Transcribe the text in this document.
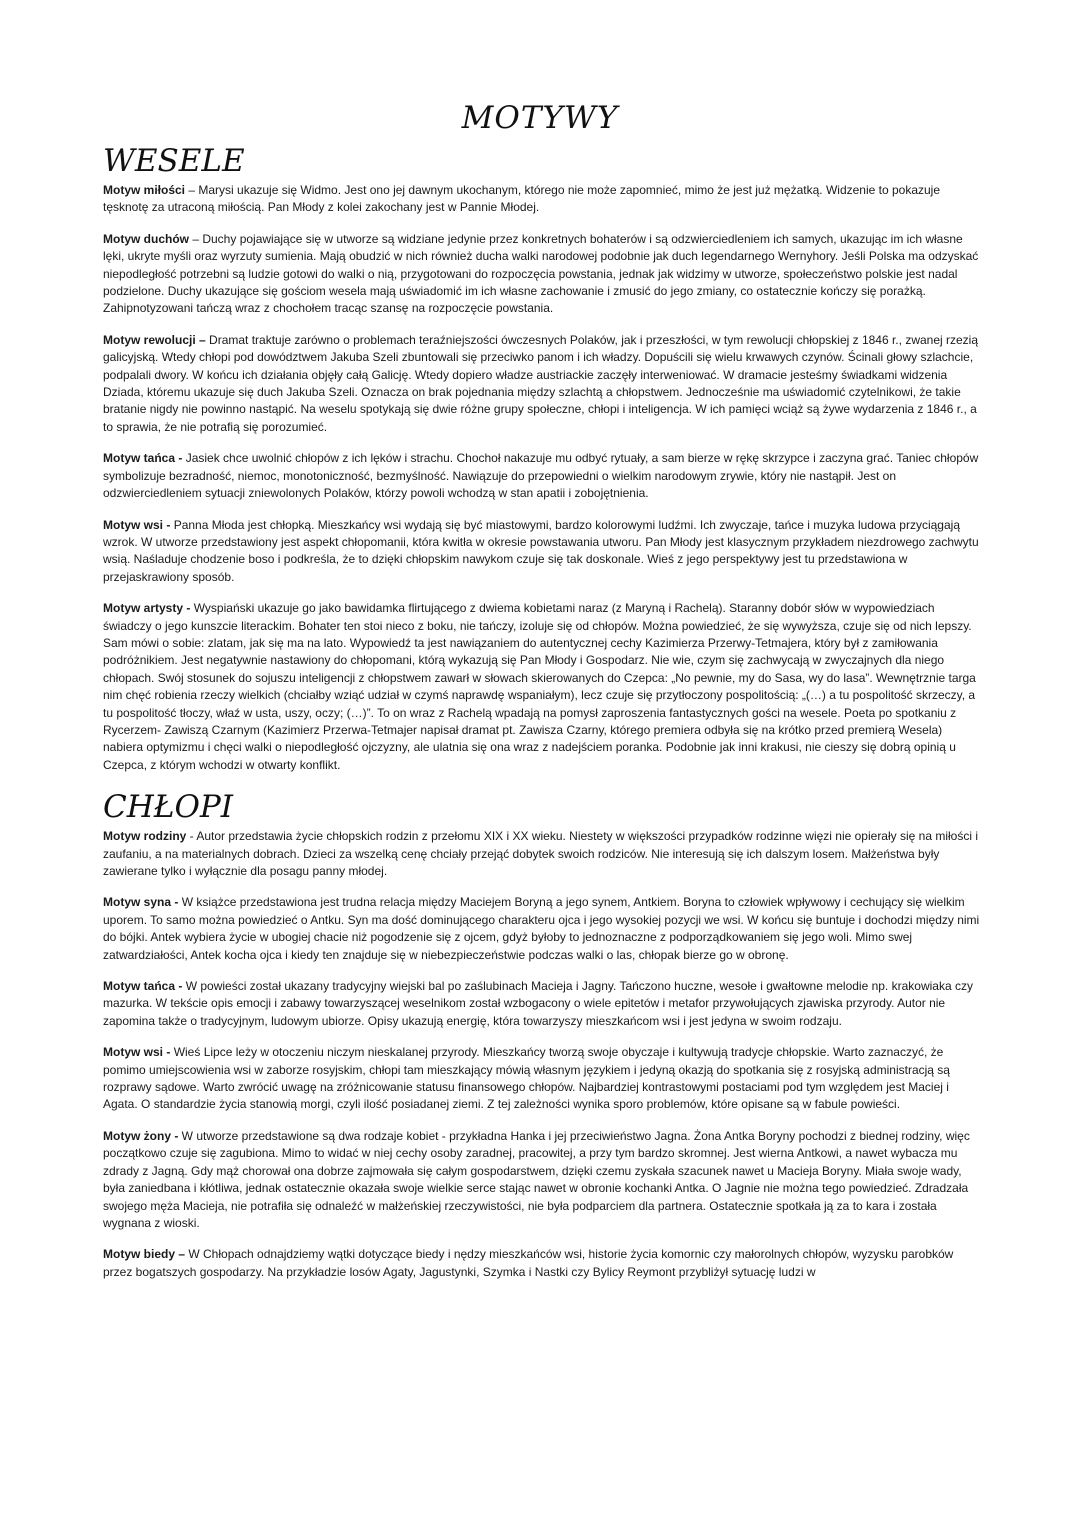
MOTYWY
WESELE

Motyw miłości – Marysi ukazuje się Widmo. Jest ono jej dawnym ukochanym, którego nie może zapomnieć, mimo że jest już mężatką. Widzenie to pokazuje tęsknotę za utraconą miłością. Pan Młody z kolei zakochany jest w Pannie Młodej.

Motyw duchów – Duchy pojawiające się w utworze są widziane jedynie przez konkretnych bohaterów i są odzwierciedleniem ich samych, ukazując im ich własne lęki, ukryte myśli oraz wyrzuty sumienia. Mają obudzić w nich również ducha walki narodowej podobnie jak duch legendarnego Wernyhory. Jeśli Polska ma odzyskać niepodległość potrzebni są ludzie gotowi do walki o nią, przygotowani do rozpoczęcia powstania, jednak jak widzimy w utworze, społeczeństwo polskie jest nadal podzielone. Duchy ukazujące się gościom wesela mają uświadomić im ich własne zachowanie i zmusić do jego zmiany, co ostatecznie kończy się porażką. Zahipnotyzowani tańczą wraz z chochołem tracąc szansę na rozpoczęcie powstania.

Motyw rewolucji – Dramat traktuje zarówno o problemach teraźniejszości ówczesnych Polaków, jak i przeszłości, w tym rewolucji chłopskiej z 1846 r., zwanej rzezią galicyjską. Wtedy chłopi pod dowództwem Jakuba Szeli zbuntowali się przeciwko panom i ich władzy. Dopuścili się wielu krwawych czynów. Ścinali głowy szlachcie, podpalali dwory. W końcu ich działania objęły całą Galicję. Wtedy dopiero władze austriackie zaczęły interweniować. W dramacie jesteśmy świadkami widzenia Dziada, któremu ukazuje się duch Jakuba Szeli. Oznacza on brak pojednania między szlachtą a chłopstwem. Jednocześnie ma uświadomić czytelnikowi, że takie bratanie nigdy nie powinno nastąpić. Na weselu spotykają się dwie różne grupy społeczne, chłopi i inteligencja. W ich pamięci wciąż są żywe wydarzenia z 1846 r., a to sprawia, że nie potrafią się porozumieć.

Motyw tańca - Jasiek chce uwolnić chłopów z ich lęków i strachu. Chochoł nakazuje mu odbyć rytuały, a sam bierze w rękę skrzypce i zaczyna grać. Taniec chłopów symbolizuje bezradność, niemoc, monotoniczność, bezmyślność. Nawiązuje do przepowiedni o wielkim narodowym zrywie, który nie nastąpił. Jest on odzwierciedleniem sytuacji zniewolonych Polaków, którzy powoli wchodzą w stan apatii i zobojętnienia.

Motyw wsi - Panna Młoda jest chłopką. Mieszkańcy wsi wydają się być miastowymi, bardzo kolorowymi ludźmi. Ich zwyczaje, tańce i muzyka ludowa przyciągają wzrok. W utworze przedstawiony jest aspekt chłopomanii, która kwitła w okresie powstawania utworu. Pan Młody jest klasycznym przykładem niezdrowego zachwytu wsią. Naśladuje chodzenie boso i podkreśla, że to dzięki chłopskim nawykom czuje się tak doskonale. Wieś z jego perspektywy jest tu przedstawiona w przejaskrawiony sposób.

Motyw artysty - Wyspiański ukazuje go jako bawidamka flirtującego z dwiema kobietami naraz (z Maryną i Rachelą). Staranny dobór słów w wypowiedziach świadczy o jego kunszcie literackim. Bohater ten stoi nieco z boku, nie tańczy, izoluje się od chłopów. Można powiedzieć, że się wywyższa, czuje się od nich lepszy. Sam mówi o sobie: zlatam, jak się ma na lato. Wypowiedź ta jest nawiązaniem do autentycznej cechy Kazimierza Przerwy-Tetmajera, który był z zamiłowania podróżnikiem. Jest negatywnie nastawiony do chłopomani, którą wykazują się Pan Młody i Gospodarz. Nie wie, czym się zachwycają w zwyczajnych dla niego chłopach. Swój stosunek do sojuszu inteligencji z chłopstwem zawarł w słowach skierowanych do Czepca: „No pewnie, my do Sasa, wy do lasa”. Wewnętrznie targa nim chęć robienia rzeczy wielkich (chciałby wziąć udział w czymś naprawdę wspaniałym), lecz czuje się przytłoczony pospolitością: „(…) a tu pospolitość skrzeczy, a tu pospolitość tłoczy, właź w usta, uszy, oczy; (…)”. To on wraz z Rachelą wpadają na pomysł zaproszenia fantastycznych gości na wesele. Poeta po spotkaniu z Rycerzem- Zawiszą Czarnym (Kazimierz Przerwa-Tetmajer napisał dramat pt. Zawisza Czarny, którego premiera odbyła się na krótko przed premierą Wesela) nabiera optymizmu i chęci walki o niepodległość ojczyzny, ale ulatnia się ona wraz z nadejściem poranka. Podobnie jak inni krakusi, nie cieszy się dobrą opinią u Czepca, z którym wchodzi w otwarty konflikt.

CHŁOPI

Motyw rodziny - Autor przedstawia życie chłopskich rodzin z przełomu XIX i XX wieku. Niestety w większości przypadków rodzinne więzi nie opierały się na miłości i zaufaniu, a na materialnych dobrach. Dzieci za wszelką cenę chciały przejąć dobytek swoich rodziców. Nie interesują się ich dalszym losem. Małżeństwa były zawierane tylko i wyłącznie dla posagu panny młodej.

Motyw syna - W książce przedstawiona jest trudna relacja między Maciejem Boryną a jego synem, Antkiem. Boryna to człowiek wpływowy i cechujący się wielkim uporem. To samo można powiedzieć o Antku. Syn ma dość dominującego charakteru ojca i jego wysokiej pozycji we wsi. W końcu się buntuje i dochodzi między nimi do bójki. Antek wybiera życie w ubogiej chacie niż pogodzenie się z ojcem, gdyż byłoby to jednoznaczne z podporządkowaniem się jego woli. Mimo swej zatwardziałości, Antek kocha ojca i kiedy ten znajduje się w niebezpieczeństwie podczas walki o las, chłopak bierze go w obronę.

Motyw tańca - W powieści został ukazany tradycyjny wiejski bal po zaślubinach Macieja i Jagny. Tańczono huczne, wesołe i gwałtowne melodie np. krakowiaka czy mazurka. W tekście opis emocji i zabawy towarzyszącej weselnikom został wzbogacony o wiele epitetów i metafor przywołujących zjawiska przyrody. Autor nie zapomina także o tradycyjnym, ludowym ubiorze. Opisy ukazują energię, która towarzyszy mieszkańcom wsi i jest jedyna w swoim rodzaju.

Motyw wsi - Wieś Lipce leży w otoczeniu niczym nieskalanej przyrody. Mieszkańcy tworzą swoje obyczaje i kultywują tradycje chłopskie. Warto zaznaczyć, że pomimo umiejscowienia wsi w zaborze rosyjskim, chłopi tam mieszkający mówią własnym językiem i jedyną okazją do spotkania się z rosyjską administracją są rozprawy sądowe. Warto zwrócić uwagę na zróżnicowanie statusu finansowego chłopów. Najbardziej kontrastowymi postaciami pod tym względem jest Maciej i Agata. O standardzie życia stanowią morgi, czyli ilość posiadanej ziemi. Z tej zależności wynika sporo problemów, które opisane są w fabule powieści.

Motyw żony - W utworze przedstawione są dwa rodzaje kobiet - przykładna Hanka i jej przeciwieństwo Jagna. Żona Antka Boryny pochodzi z biednej rodziny, więc początkowo czuje się zagubiona. Mimo to widać w niej cechy osoby zaradnej, pracowitej, a przy tym bardzo skromnej. Jest wierna Antkowi, a nawet wybacza mu zdrady z Jagną. Gdy mąż chorował ona dobrze zajmowała się całym gospodarstwem, dzięki czemu zyskała szacunek nawet u Macieja Boryny. Miała swoje wady, była zaniedbana i kłótliwa, jednak ostatecznie okazała swoje wielkie serce stając nawet w obronie kochanki Antka. O Jagnie nie można tego powiedzieć. Zdradzała swojego męża Macieja, nie potrafiła się odnaleźć w małżeńskiej rzeczywistości, nie była podparciem dla partnera. Ostatecznie spotkała ją za to kara i została wygnana z wioski.

Motyw biedy – W Chłopach odnajdziemy wątki dotyczące biedy i nędzy mieszkańców wsi, historie życia komornic czy małorolnych chłopów, wyzysku parobków przez bogatszych gospodarzy. Na przykładzie losów Agaty, Jagustynki, Szymka i Nastki czy Bylicy Reymont przybliżył sytuację ludzi w
